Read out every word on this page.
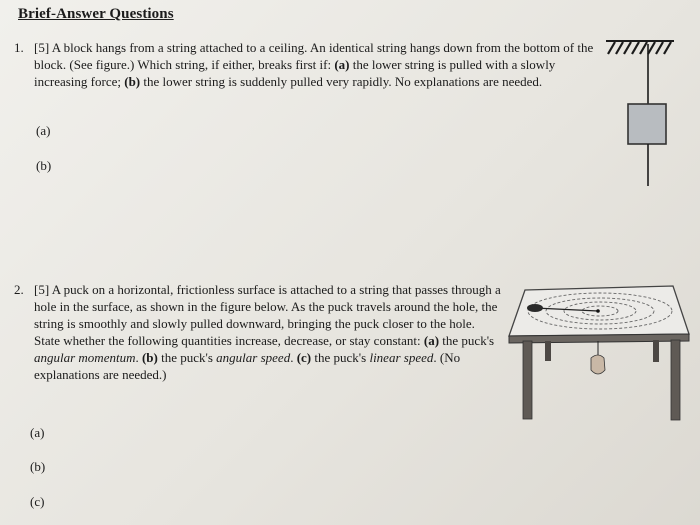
Brief-Answer Questions
1. [5] A block hangs from a string attached to a ceiling. An identical string hangs down from the bottom of the block. (See figure.) Which string, if either, breaks first if: (a) the lower string is pulled with a slowly increasing force; (b) the lower string is suddenly pulled very rapidly. No explanations are needed.
(a)
(b)
2. [5] A puck on a horizontal, frictionless surface is attached to a string that passes through a hole in the surface, as shown in the figure below. As the puck travels around the hole, the string is smoothly and slowly pulled downward, bringing the puck closer to the hole. State whether the following quantities increase, decrease, or stay constant: (a) the puck's angular momentum. (b) the puck's angular speed. (c) the puck's linear speed. (No explanations are needed.)
(a)
(b)
(c)
